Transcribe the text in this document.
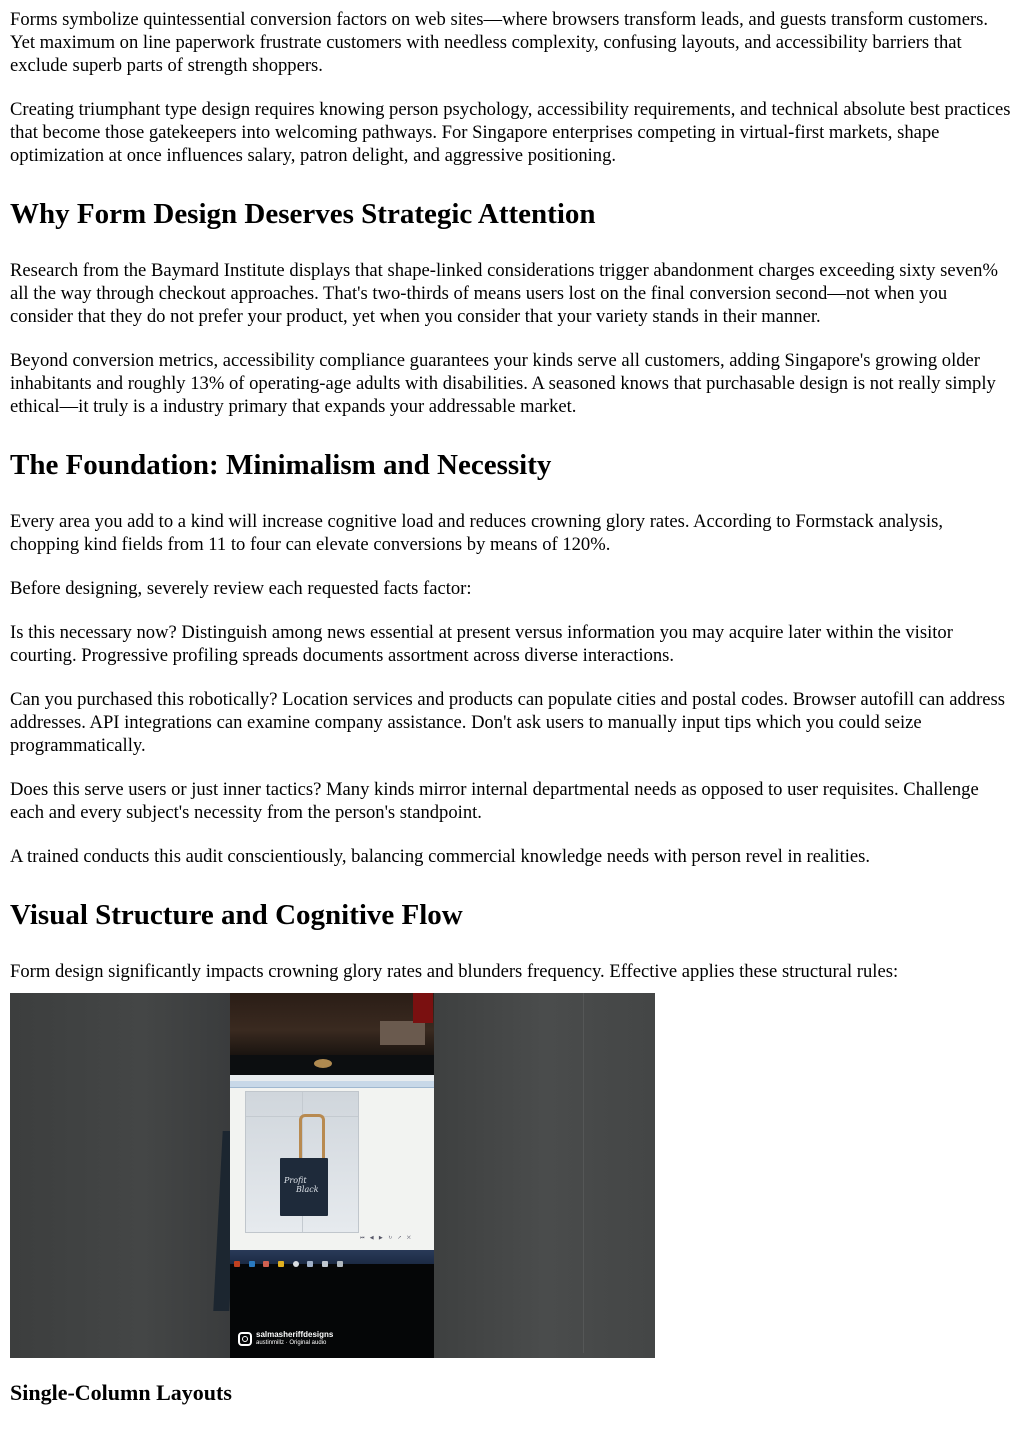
Forms symbolize quintessential conversion factors on web sites—where browsers transform leads, and guests transform customers. Yet maximum on line paperwork frustrate customers with needless complexity, confusing layouts, and accessibility barriers that exclude superb parts of strength shoppers.

Creating triumphant type design requires knowing person psychology, accessibility requirements, and technical absolute best practices that become those gatekeepers into welcoming pathways. For Singapore enterprises competing in virtual-first markets, shape optimization at once influences salary, patron delight, and aggressive positioning.

Why Form Design Deserves Strategic Attention

Research from the Baymard Institute displays that shape-linked considerations trigger abandonment charges exceeding sixty seven% all the way through checkout approaches. That's two-thirds of means users lost on the final conversion second—not when you consider that they do not prefer your product, yet when you consider that your variety stands in their manner.

Beyond conversion metrics, accessibility compliance guarantees your kinds serve all customers, adding Singapore's growing older inhabitants and roughly 13% of operating-age adults with disabilities. A seasoned knows that purchasable design is not really simply ethical—it truly is a industry primary that expands your addressable market.

The Foundation: Minimalism and Necessity

Every area you add to a kind will increase cognitive load and reduces crowning glory rates. According to Formstack analysis, chopping kind fields from 11 to four can elevate conversions by means of 120%.

Before designing, severely review each requested facts factor:

Is this necessary now? Distinguish among news essential at present versus information you may acquire later within the visitor courting. Progressive profiling spreads documents assortment across diverse interactions.

Can you purchased this robotically? Location services and products can populate cities and postal codes. Browser autofill can address addresses. API integrations can examine company assistance. Don't ask users to manually input tips which you could seize programmatically.

Does this serve users or just inner tactics? Many kinds mirror internal departmental needs as opposed to user requisites. Challenge each and every subject's necessity from the person's standpoint.

A trained conducts this audit conscientiously, balancing commercial knowledge needs with person revel in realities.

Visual Structure and Cognitive Flow

Form design significantly impacts crowning glory rates and blunders frequency. Effective applies these structural rules:

Profit
Black
⏮ ◀ ▶ ↻ ↗ ✕

salmasheriffdesigns
austinmillz · Original audio
Single-Column Layouts
